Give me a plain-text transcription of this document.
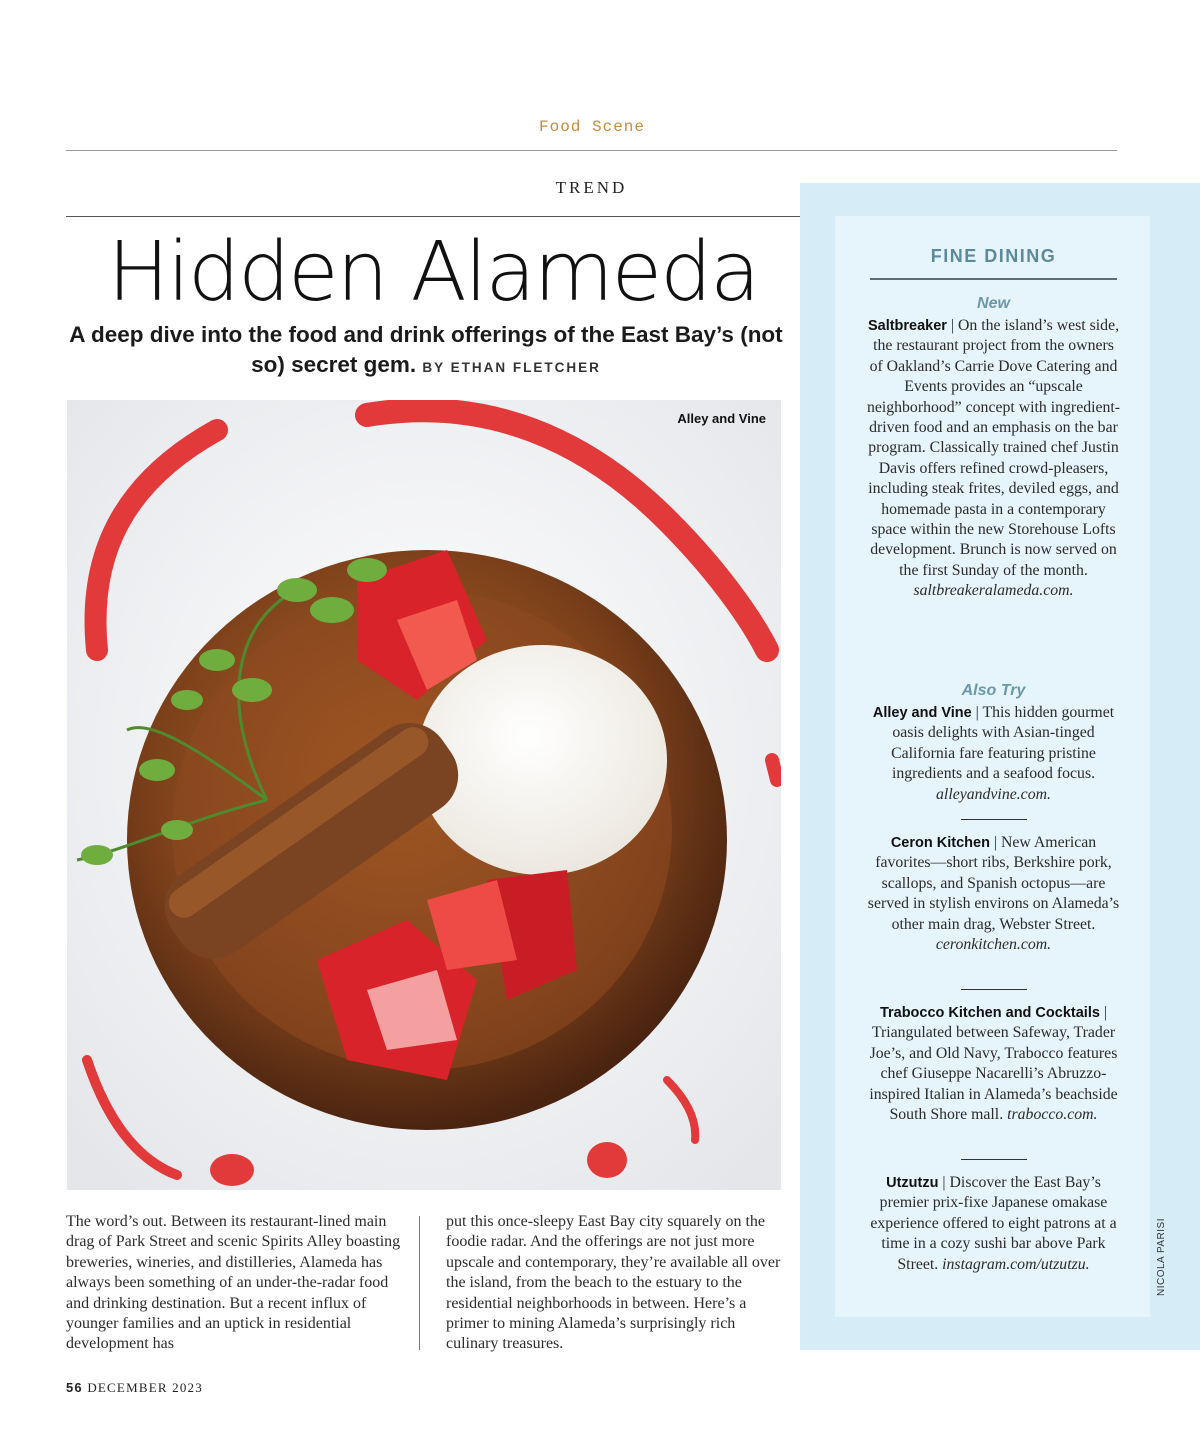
Food Scene
TREND
Hidden Alameda
A deep dive into the food and drink offerings of the East Bay’s (not so) secret gem. BY ETHAN FLETCHER
Alley and Vine
The word’s out. Between its restaurant-lined main drag of Park Street and scenic Spirits Alley boasting breweries, wineries, and distilleries, Alameda has always been something of an under-the-radar food and drinking destination. But a recent influx of younger families and an uptick in residential development has
put this once-sleepy East Bay city squarely on the foodie radar. And the offerings are not just more upscale and contemporary, they’re available all over the island, from the beach to the estuary to the residential neighborhoods in between. Here’s a primer to mining Alameda’s surprisingly rich culinary treasures.
56 DECEMBER 2023
FINE DINING
New
Saltbreaker | On the island’s west side, the restaurant project from the owners of Oakland’s Carrie Dove Catering and Events provides an “upscale neighborhood” concept with ingredient-driven food and an emphasis on the bar program. Classically trained chef Justin Davis offers refined crowd-pleasers, including steak frites, deviled eggs, and homemade pasta in a contemporary space within the new Storehouse Lofts development. Brunch is now served on the first Sunday of the month. saltbreakeralameda.com.
Also Try
Alley and Vine | This hidden gourmet oasis delights with Asian-tinged California fare featuring pristine ingredients and a seafood focus. alleyandvine.com.
Ceron Kitchen | New American favorites—short ribs, Berkshire pork, scallops, and Spanish octopus—are served in stylish environs on Alameda’s other main drag, Webster Street. ceronkitchen.com.
Trabocco Kitchen and Cocktails | Triangulated between Safeway, Trader Joe’s, and Old Navy, Trabocco features chef Giuseppe Nacarelli’s Abruzzo-inspired Italian in Alameda’s beachside South Shore mall. trabocco.com.
Utzutzu | Discover the East Bay’s premier prix-fixe Japanese omakase experience offered to eight patrons at a time in a cozy sushi bar above Park Street. instagram.com/utzutzu.	NICOLA PARISI
